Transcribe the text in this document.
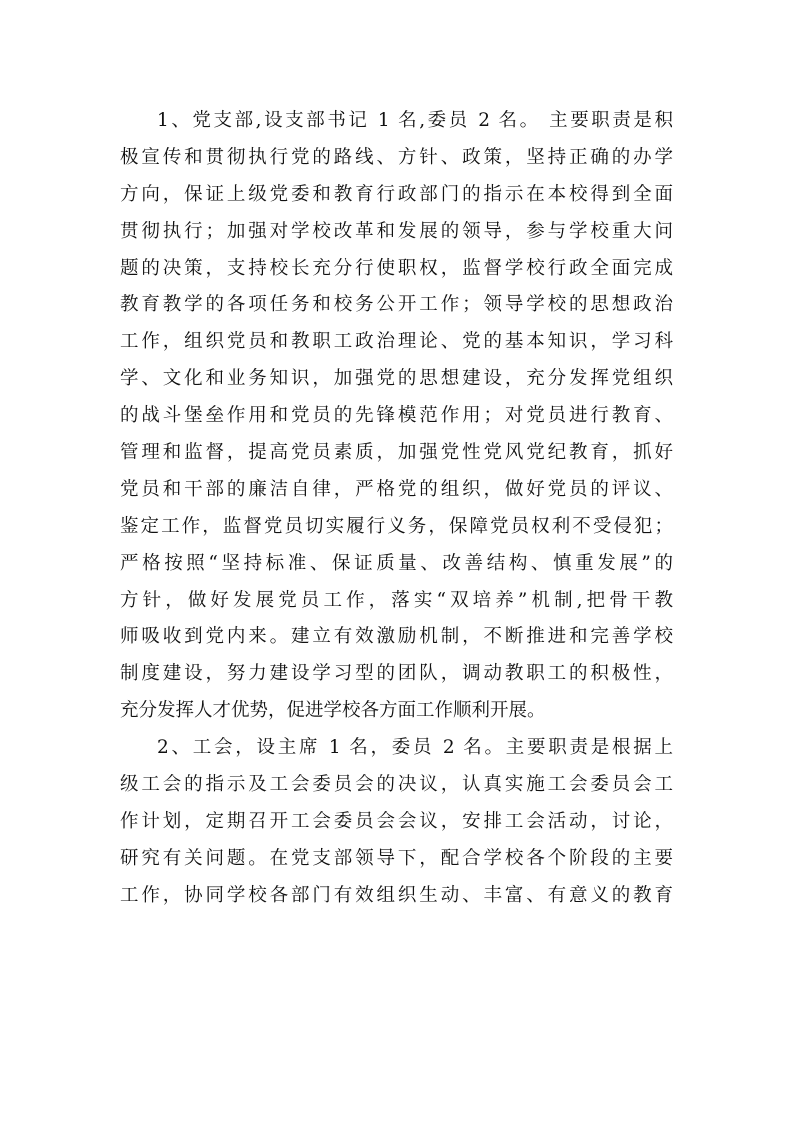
1、党支部,设支部书记 1 名,委员 2 名。 主要职责是积
极宣传和贯彻执行党的路线、方针、政策，坚持正确的办学
方向，保证上级党委和教育行政部门的指示在本校得到全面
贯彻执行；加强对学校改革和发展的领导，参与学校重大问
题的决策，支持校长充分行使职权，监督学校行政全面完成
教育教学的各项任务和校务公开工作；领导学校的思想政治
工作，组织党员和教职工政治理论、党的基本知识，学习科
学、文化和业务知识，加强党的思想建设，充分发挥党组织
的战斗堡垒作用和党员的先锋模范作用；对党员进行教育、
管理和监督，提高党员素质，加强党性党风党纪教育，抓好
党员和干部的廉洁自律，严格党的组织，做好党员的评议、
鉴定工作，监督党员切实履行义务，保障党员权利不受侵犯；
严格按照“坚持标准、保证质量、改善结构、慎重发展”的
方针，做好发展党员工作，落实“双培养”机制,把骨干教
师吸收到党内来。建立有效激励机制，不断推进和完善学校
制度建设，努力建设学习型的团队，调动教职工的积极性，
充分发挥人才优势，促进学校各方面工作顺利开展。
2、工会，设主席 1 名，委员 2 名。主要职责是根据上
级工会的指示及工会委员会的决议，认真实施工会委员会工
作计划，定期召开工会委员会会议，安排工会活动，讨论，
研究有关问题。在党支部领导下，配合学校各个阶段的主要
工作，协同学校各部门有效组织生动、丰富、有意义的教育
